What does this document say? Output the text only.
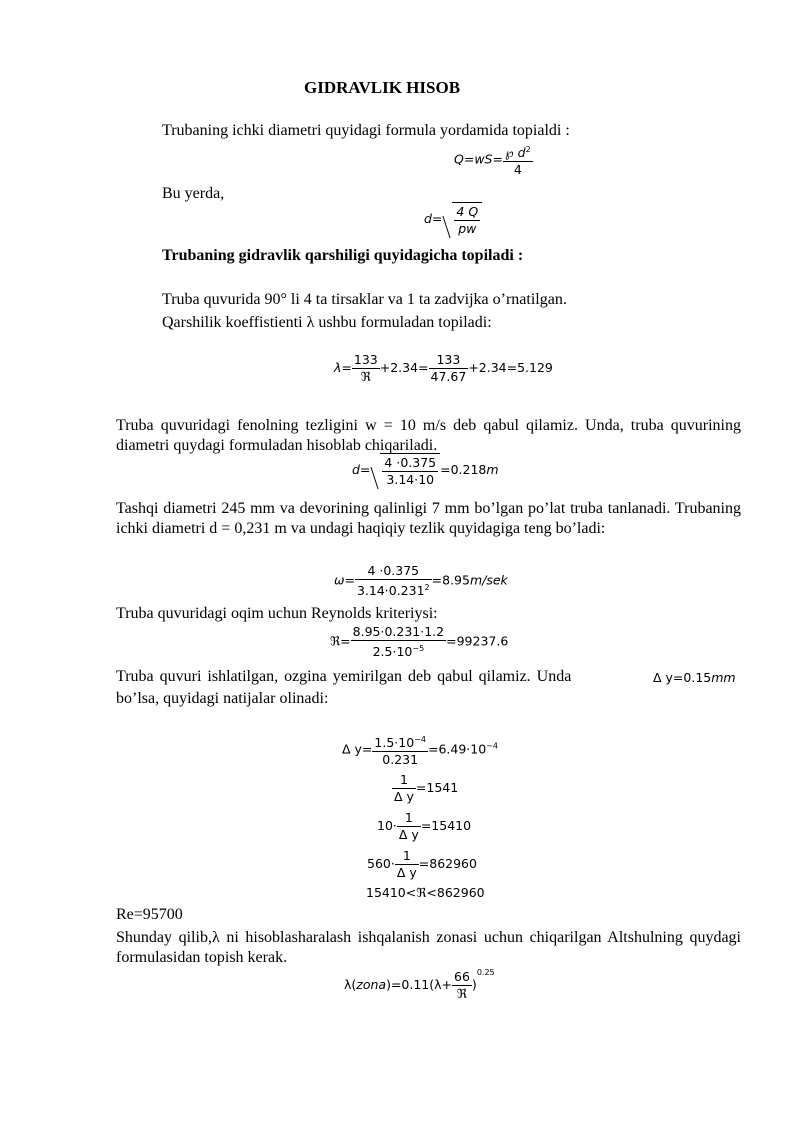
GIDRAVLIK HISOB
Trubaning ichki diametri quyidagi formula yordamida topialdi :
$Q=wS= \frac{℘ d^2}{4}$
Bu yerda,
$d= \frac{4 Q}{pw}$
Trubaning gidravlik qarshiligi quyidagicha topiladi :
Truba quvurida 90° li 4 ta tirsaklar va 1 ta zadvijka o’rnatilgan.
Qarshilik koeffistienti λ ushbu formuladan topiladi:
$\lambda= \frac{133}{\text{ℜ}} +2.34= \frac{133}{47.67} +2.34=5.129$
Truba quvuridagi fenolning tezligini w = 10 m/s deb qabul qilamiz. Unda, truba quvurining diametri quydagi formuladan hisoblab chiqariladi.
$d= \frac{4 \cdot 0.375}{3.14\cdot 10} =0.218m$
Tashqi diametri 245 mm va devorining qalinligi 7 mm bo’lgan po’lat truba tanlanadi. Trubaning ichki diametri d = 0,231 m va undagi haqiqiy tezlik quyidagiga teng bo’ladi:
$\omega= \frac{4 \cdot 0.375}{3.14\cdot 0.231^2} =8.95m/sek$
Truba quvuridagi oqim uchun Reynolds kriteriysi:
ℜ= $\frac{8.95\cdot 0.231\cdot 1.2}{2.5\cdot 10^{-5}} =99237.6$
Truba quvuri ishlatilgan, ozgina yemirilgan deb qabul qilamiz. Unda	Δ y=0.15mm
bo’lsa, quyidagi natijalar olinadi:
Δ $y= \frac{1.5\cdot 10^{-4}}{0.231} =6.49\cdot 10^{-4}$
$\frac{1}{\text{Δ y}} =1541$
$10\cdot \frac{1}{\text{Δ y}} =15410$
$560\cdot \frac{1}{\text{Δ y}} =862960$
15410<ℜ<862960
Re=95700
Shunday qilib,λ ni hisoblasharalash ishqalanish zonasi uchun chiqarilgan Altshulning quydagi formulasidan topish kerak.
λ(zona)=0.11(λ+ $\frac{66}{\text{ℜ}} )^{0.25}$
